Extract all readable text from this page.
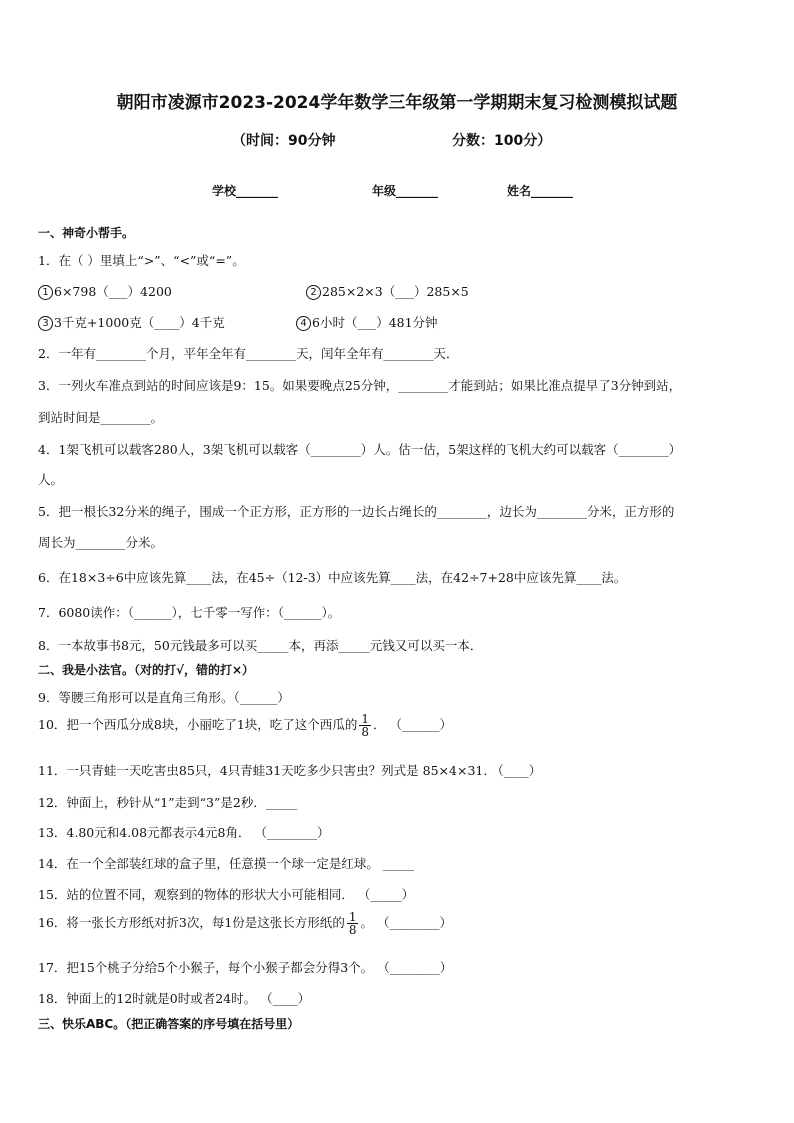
朝阳市凌源市2023-2024学年数学三年级第一学期期末复习检测模拟试题
（时间：90分钟	分数：100分）
学校_______	年级_______	姓名_______
一、神奇小帮手。
1．在（ ）里填上“>”、“<”或“=”。
1 6×798（___）4200	2 285×2×3（___）285×5
3 3千克+1000克（____）4千克	4 6小时（___）481分钟
2．一年有________个月，平年全年有________天，闰年全年有________天．
3．一列火车准点到站的时间应该是9：15。如果要晚点25分钟，________才能到站；如果比准点提早了3分钟到站，
到站时间是________。
4．1架飞机可以载客280人，3架飞机可以载客（________）人。估一估，5架这样的飞机大约可以载客（________）
人。
5．把一根长32分米的绳子，围成一个正方形，正方形的一边长占绳长的________，边长为________分米，正方形的
周长为________分米。
6．在18×3÷6中应该先算____法，在45÷（12-3）中应该先算____法，在42÷7+28中应该先算____法。
7．6080读作：（______），七千零一写作：（______）。
8．一本故事书8元，50元钱最多可以买_____本，再添_____元钱又可以买一本．
二、我是小法官。（对的打√，错的打×）
9．等腰三角形可以是直角三角形。（______）
10．把一个西瓜分成8块，小丽吃了1块，吃了这个西瓜的 $\frac{1}{8}$ ． （______）
11．一只青蛙一天吃害虫85只，4只青蛙31天吃多少只害虫？列式是 85×4×31. （____）
12．钟面上，秒针从“1”走到“3”是2秒．_____
13．4.80元和4.08元都表示4元8角． （________）
14．在一个全部装红球的盒子里，任意摸一个球一定是红球。 _____
15．站的位置不同，观察到的物体的形状大小可能相同． （_____）
16．将一张长方形纸对折3次，每1份是这张长方形纸的 $\frac{1}{8}$ 。 （________）
17．把15个桃子分给5个小猴子，每个小猴子都会分得3个。 （________）
18．钟面上的12时就是0时或者24时。 （____）
三、快乐ABC。（把正确答案的序号填在括号里）
